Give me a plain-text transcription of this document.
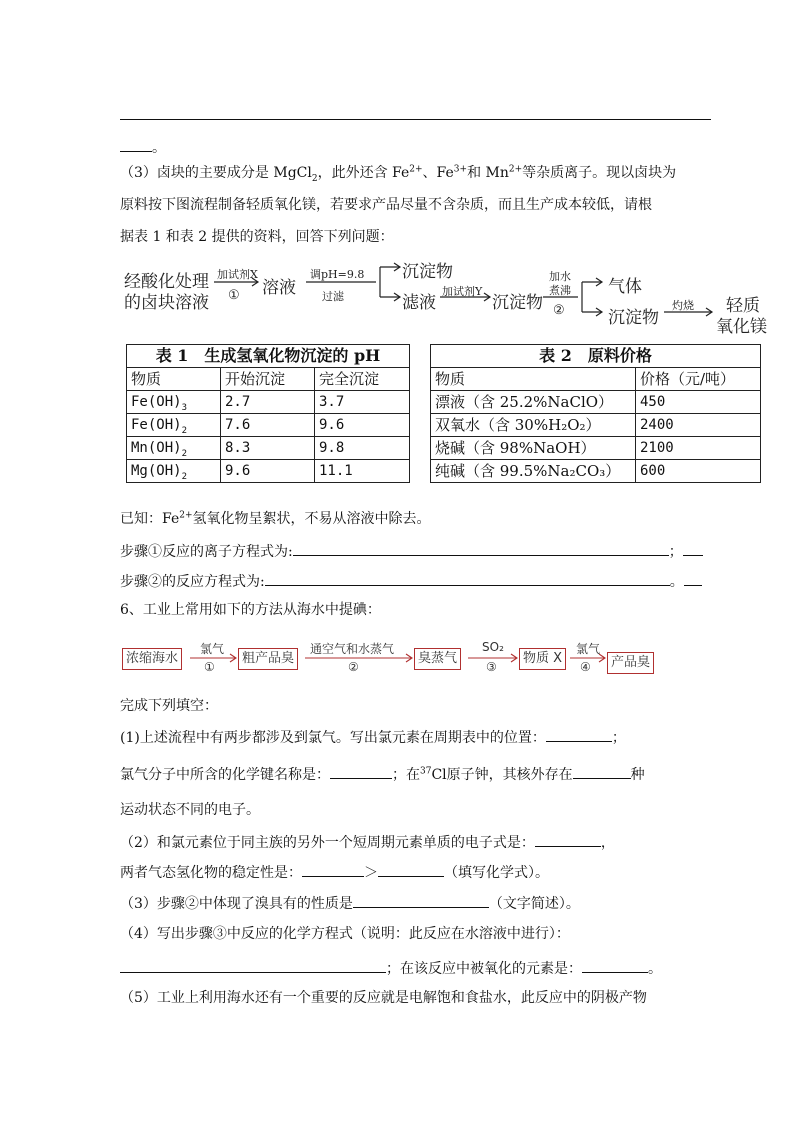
。
（3）卤块的主要成分是 MgCl$_2$，此外还含 $Fe^{2+}$、$Fe^{3+}$和 $Mn^{2+}$等杂质离子。现以卤块为
原料按下图流程制备轻质氧化镁，若要求产品尽量不含杂质，而且生产成本较低，请根
据表 1 和表 2 提供的资料，回答下列问题：
经酸化处理
的卤块溶液
加试剂X
① 溶液
调pH=9.8
过滤
沉淀物
滤液
加试剂Y
沉淀物
加水
煮沸
②
气体
沉淀物
灼烧 轻质
氧化镁
表 1　生成氢氧化物沉淀的 pH		
物质	开始沉淀	完全沉淀
$Fe(OH)_3$	2.7	3.7
$Fe(OH)_2$	7.6	9.6
$Mn(OH)_2$	8.3	9.8
$Mg(OH)_2$	9.6	11.1
表 2　原料价格	
物质	价格（元/吨）
漂液（含 25.2%NaClO）	450
双氧水（含 30%H₂O₂）	2400
烧碱（含 98%NaOH）	2100
纯碱（含 99.5%Na₂CO₃）	600
已知：$Fe^{2+}$氢氧化物呈絮状，不易从溶液中除去。
步骤①反应的离子方程式为:	；
步骤②的反应方程式为:	。
6、工业上常用如下的方法从海水中提碘：
浓缩海水
氯气
①
粗产品臭
通空气和水蒸气
②
臭蒸气
SO₂
③
物质 X
氯气
④	产品臭
完成下列填空：
(1)上述流程中有两步都涉及到氯气。写出氯元素在周期表中的位置：	；
氯气分子中所含的化学键名称是：	；在$^{37}$Cl原子钟，其核外存在	种
运动状态不同的电子。
（2）和氯元素位于同主族的另外一个短周期元素单质的电子式是：	，
两者气态氢化物的稳定性是：	＞	（填写化学式）。
（3）步骤②中体现了溴具有的性质是	（文字简述）。
（4）写出步骤③中反应的化学方程式（说明：此反应在水溶液中进行）：
；在该反应中被氧化的元素是：	。
（5）工业上利用海水还有一个重要的反应就是电解饱和食盐水，此反应中的阴极产物
